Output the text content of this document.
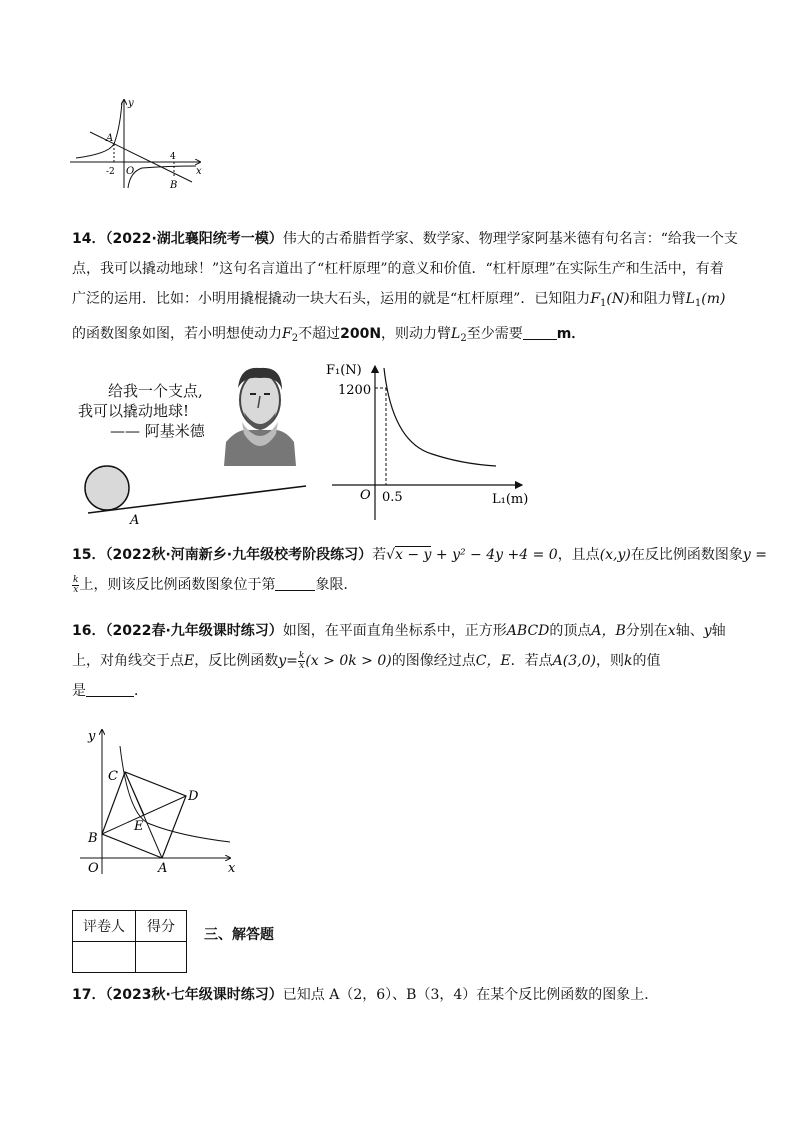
y
x
A
B
O
-2
4

14．（2022·湖北襄阳统考一模）伟大的古希腊哲学家、数学家、物理学家阿基米德有句名言：“给我一个支

点，我可以撬动地球！”这句名言道出了“杠杆原理”的意义和价值．“杠杆原理”在实际生产和生活中，有着

广泛的运用．比如：小明用撬棍撬动一块大石头，运用的就是“杠杆原理”．已知阻力$F_1(N)$和阻力臂$L_1(m)$

的函数图象如图，若小明想使动力$F_2$不超过200N，则动力臂$L_2$至少需要 m．

给我一个支点,
我可以撬动地球!
—— 阿基米德
A
F₁(N)
1200
O 0.5	L₁(m)

15．（2022秋·河南新乡·九年级校考阶段练习）若√x − y + y² − 4y +4 = 0，且点(x,y)在反比例函数图象y =

$\frac{k}{x}$ 上，则该反比例函数图象位于第	象限．

16．（2022春·九年级课时练习）如图，在平面直角坐标系中，正方形ABCD的顶点A，B分别在x轴、y轴

上，对角线交于点E，反比例函数$y= \frac{k}{x} (x > 0k > 0)$的图像经过点C，E．若点A(3,0)，则k的值

是	．

y
x
O	A
B
C
D
E
评卷人	得分
	三、解答题

17．（2023秋·七年级课时练习）已知点 A（2，6）、B（3，4）在某个反比例函数的图象上．
